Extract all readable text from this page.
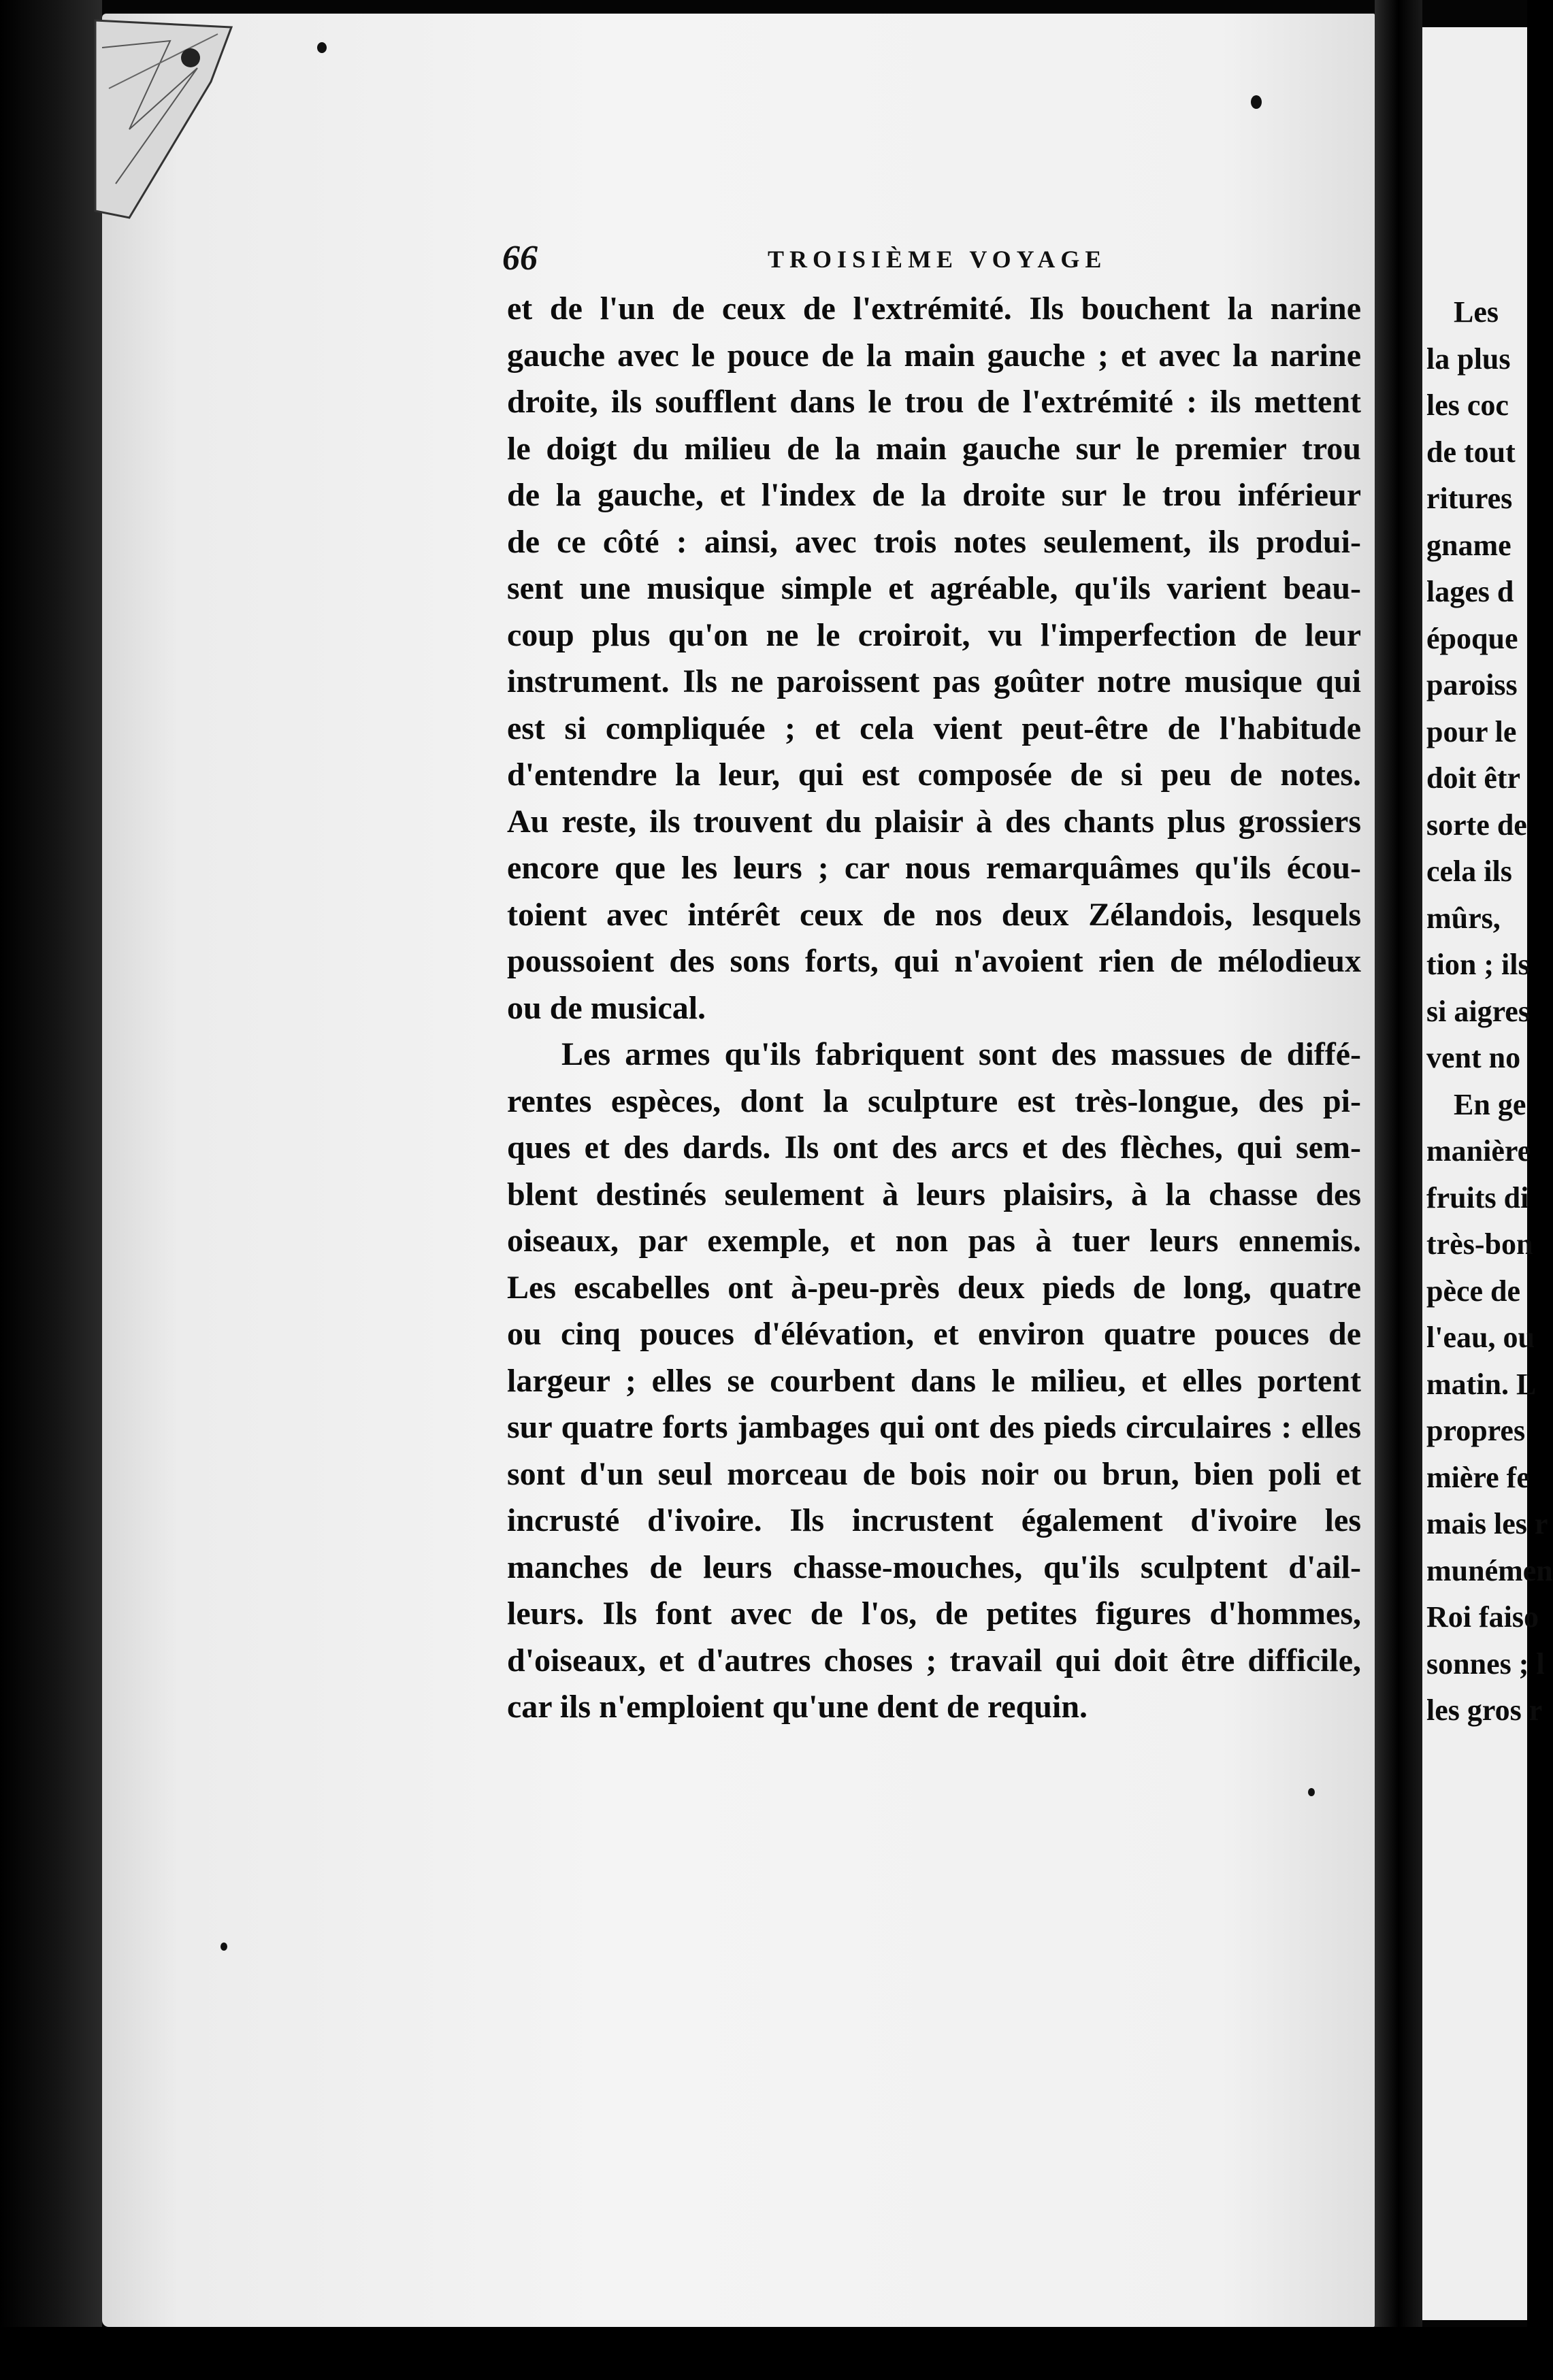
66	TROISIÈME VOYAGE
et de l'un de ceux de l'extrémité. Ils bouchent la narine
gauche avec le pouce de la main gauche ; et avec la narine
droite, ils soufflent dans le trou de l'extrémité : ils mettent
le doigt du milieu de la main gauche sur le premier trou
de la gauche, et l'index de la droite sur le trou inférieur
de ce côté : ainsi, avec trois notes seulement, ils produi-
sent une musique simple et agréable, qu'ils varient beau-
coup plus qu'on ne le croiroit, vu l'imperfection de leur
instrument. Ils ne paroissent pas goûter notre musique qui
est si compliquée ; et cela vient peut-être de l'habitude
d'entendre la leur, qui est composée de si peu de notes.
Au reste, ils trouvent du plaisir à des chants plus grossiers
encore que les leurs ; car nous remarquâmes qu'ils écou-
toient avec intérêt ceux de nos deux Zélandois, lesquels
poussoient des sons forts, qui n'avoient rien de mélodieux
ou de musical.
Les armes qu'ils fabriquent sont des massues de diffé-
rentes espèces, dont la sculpture est très-longue, des pi-
ques et des dards. Ils ont des arcs et des flèches, qui sem-
blent destinés seulement à leurs plaisirs, à la chasse des
oiseaux, par exemple, et non pas à tuer leurs ennemis.
Les escabelles ont à-peu-près deux pieds de long, quatre
ou cinq pouces d'élévation, et environ quatre pouces de
largeur ; elles se courbent dans le milieu, et elles portent
sur quatre forts jambages qui ont des pieds circulaires : elles
sont d'un seul morceau de bois noir ou brun, bien poli et
incrusté d'ivoire. Ils incrustent également d'ivoire les
manches de leurs chasse-mouches, qu'ils sculptent d'ail-
leurs. Ils font avec de l'os, de petites figures d'hommes,
d'oiseaux, et d'autres choses ; travail qui doit être difficile,
car ils n'emploient qu'une dent de requin.
Les
la plus
les coc
de tout
ritures
gname
lages d
époque
paroiss
pour le
doit êtr
sorte de
cela ils
mûrs,
tion ; ils
si aigres
vent no
En ge
manière
fruits di
très-bon
pèce de
l'eau, ou
matin. L
propres
mière fe
mais les r
munémen
Roi faiso
sonnes ; l
les gros r
